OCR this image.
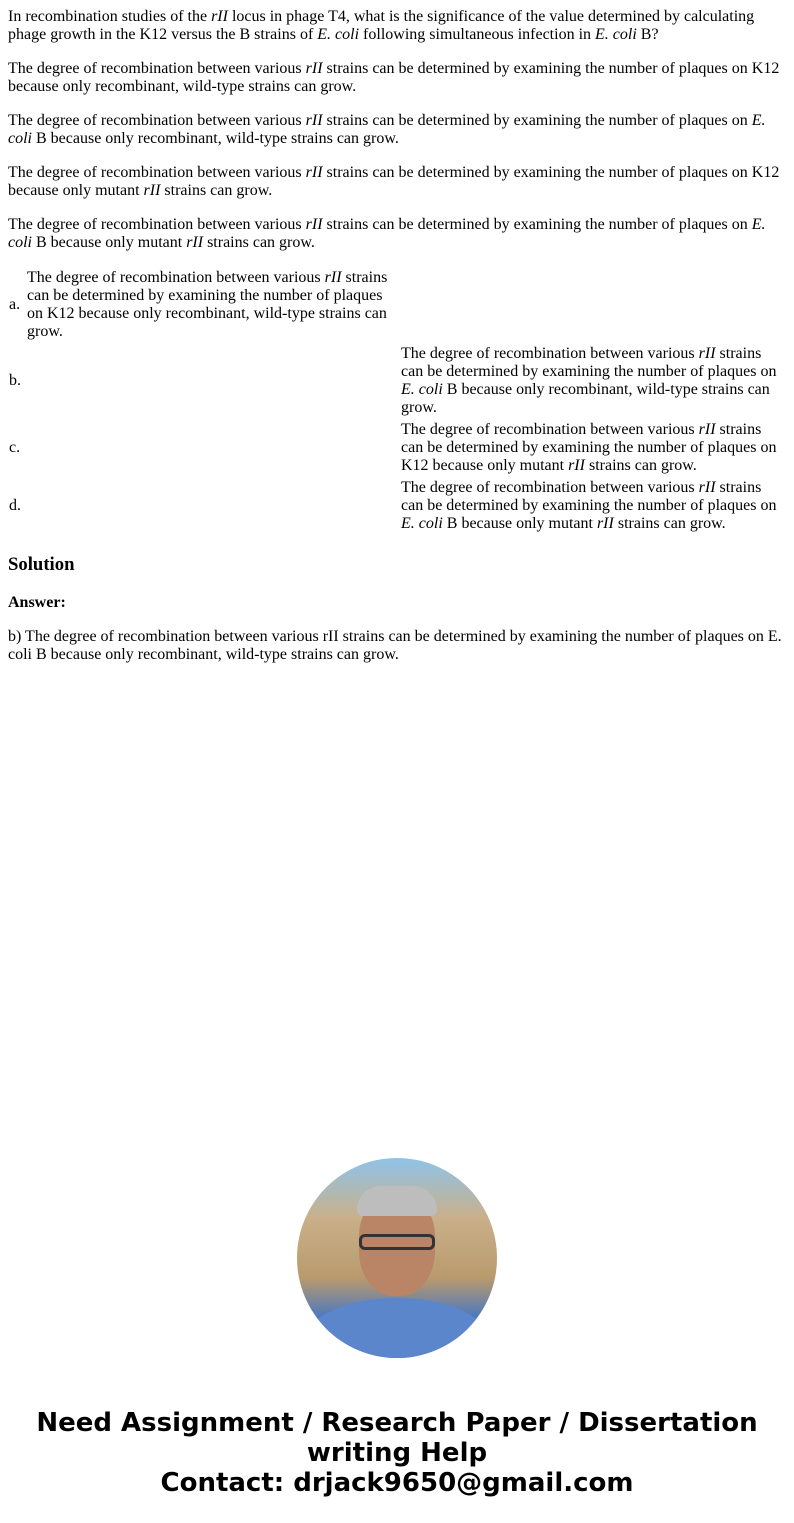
In recombination studies of the rII locus in phage T4, what is the significance of the value determined by calculating phage growth in the K12 versus the B strains of E. coli following simultaneous infection in E. coli B?

The degree of recombination between various rII strains can be determined by examining the number of plaques on K12 because only recombinant, wild-type strains can grow.

The degree of recombination between various rII strains can be determined by examining the number of plaques on E. coli B because only recombinant, wild-type strains can grow.

The degree of recombination between various rII strains can be determined by examining the number of plaques on K12 because only mutant rII strains can grow.

The degree of recombination between various rII strains can be determined by examining the number of plaques on E. coli B because only mutant rII strains can grow.

a.	The degree of recombination between various rII strains can be determined by examining the number of plaques on K12 because only recombinant, wild-type strains can grow.	
b.		The degree of recombination between various rII strains can be determined by examining the number of plaques on E. coli B because only recombinant, wild-type strains can grow.
c.		The degree of recombination between various rII strains can be determined by examining the number of plaques on K12 because only mutant rII strains can grow.
d.		The degree of recombination between various rII strains can be determined by examining the number of plaques on E. coli B because only mutant rII strains can grow.
Solution

Answer:

b) The degree of recombination between various rII strains can be determined by examining the number of plaques on E. coli B because only recombinant, wild-type strains can grow.

Need Assignment / Research Paper / Dissertation writing Help
Contact: drjack9650@gmail.com
